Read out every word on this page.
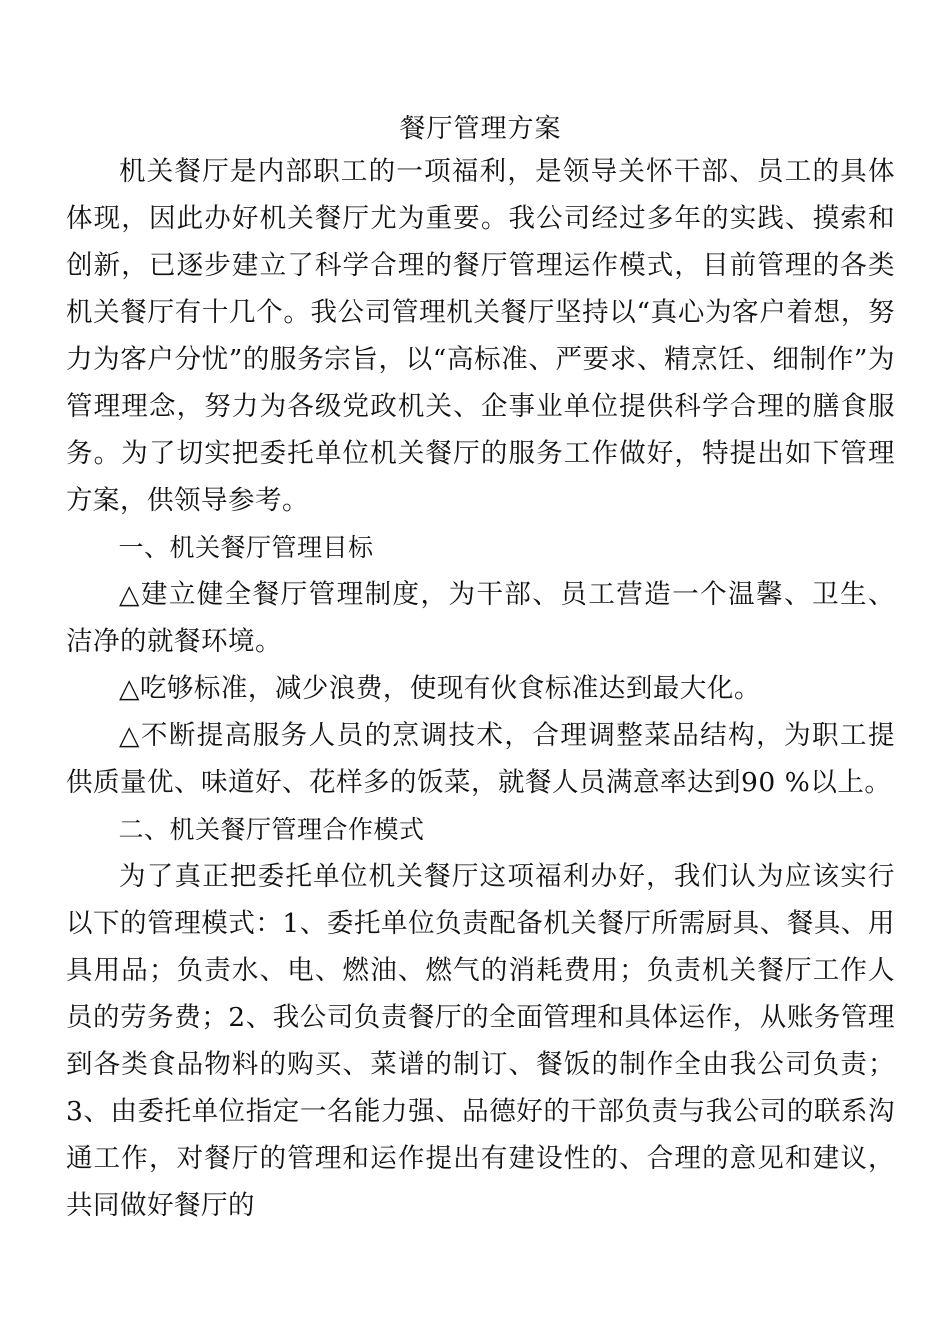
餐厅管理方案

机关餐厅是内部职工的一项福利，是领导关怀干部、员工的具体体现，因此办好机关餐厅尤为重要。我公司经过多年的实践、摸索和创新，已逐步建立了科学合理的餐厅管理运作模式，目前管理的各类机关餐厅有十几个。我公司管理机关餐厅坚持以“真心为客户着想，努力为客户分忧”的服务宗旨，以“高标准、严要求、精烹饪、细制作”为管理理念，努力为各级党政机关、企事业单位提供科学合理的膳食服务。为了切实把委托单位机关餐厅的服务工作做好，特提出如下管理方案，供领导参考。

一、机关餐厅管理目标

△建立健全餐厅管理制度，为干部、员工营造一个温馨、卫生、洁净的就餐环境。

△吃够标准，减少浪费，使现有伙食标准达到最大化。

△不断提高服务人员的烹调技术，合理调整菜品结构，为职工提供质量优、味道好、花样多的饭菜，就餐人员满意率达到90 %以上。

二、机关餐厅管理合作模式

为了真正把委托单位机关餐厅这项福利办好，我们认为应该实行以下的管理模式：1、委托单位负责配备机关餐厅所需厨具、餐具、用具用品；负责水、电、燃油、燃气的消耗费用；负责机关餐厅工作人员的劳务费；2、我公司负责餐厅的全面管理和具体运作，从账务管理到各类食品物料的购买、菜谱的制订、餐饭的制作全由我公司负责；3、由委托单位指定一名能力强、品德好的干部负责与我公司的联系沟通工作，对餐厅的管理和运作提出有建设性的、合理的意见和建议，共同做好餐厅的
